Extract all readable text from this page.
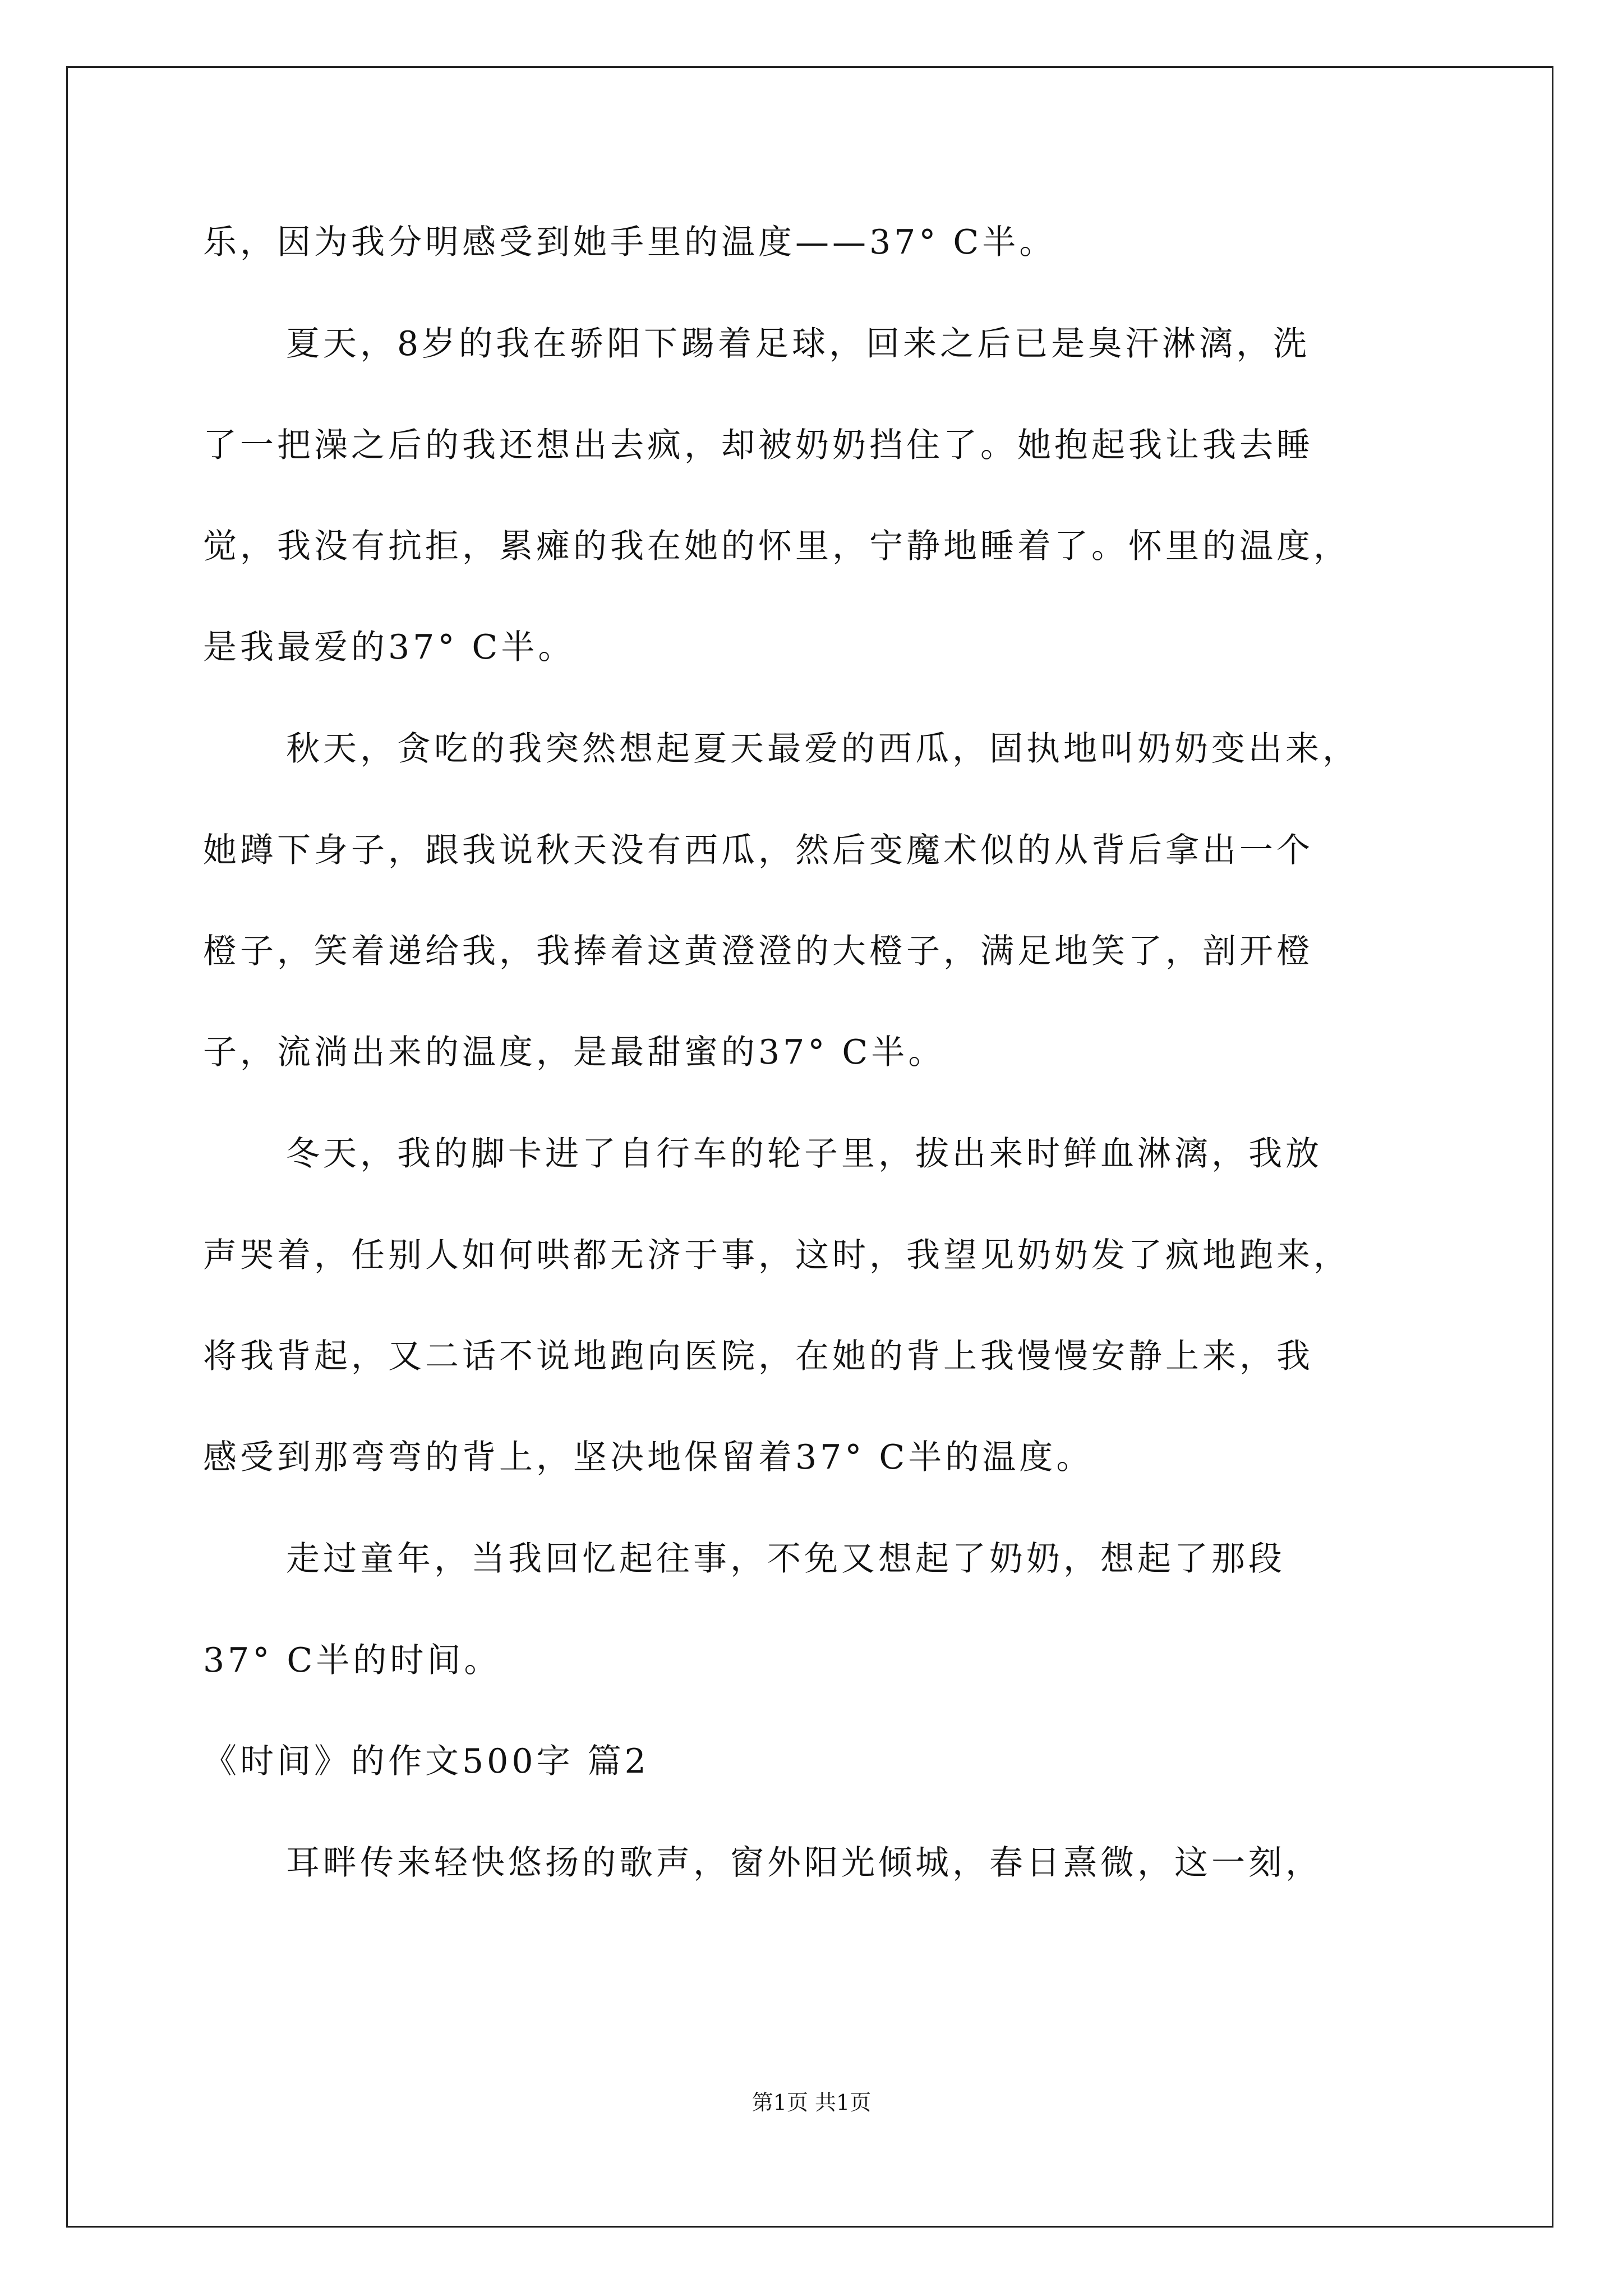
乐，因为我分明感受到她手里的温度——37° C半。
夏天，8岁的我在骄阳下踢着足球，回来之后已是臭汗淋漓，洗
了一把澡之后的我还想出去疯，却被奶奶挡住了。她抱起我让我去睡
觉，我没有抗拒，累瘫的我在她的怀里，宁静地睡着了。怀里的温度，
是我最爱的37° C半。
秋天，贪吃的我突然想起夏天最爱的西瓜，固执地叫奶奶变出来，
她蹲下身子，跟我说秋天没有西瓜，然后变魔术似的从背后拿出一个
橙子，笑着递给我，我捧着这黄澄澄的大橙子，满足地笑了，剖开橙
子，流淌出来的温度，是最甜蜜的37° C半。
冬天，我的脚卡进了自行车的轮子里，拔出来时鲜血淋漓，我放
声哭着，任别人如何哄都无济于事，这时，我望见奶奶发了疯地跑来，
将我背起，又二话不说地跑向医院，在她的背上我慢慢安静上来，我
感受到那弯弯的背上，坚决地保留着37° C半的温度。
走过童年，当我回忆起往事，不免又想起了奶奶，想起了那段
37° C半的时间。
《时间》的作文500字 篇2
耳畔传来轻快悠扬的歌声，窗外阳光倾城，春日熹微，这一刻，
第1页 共1页
